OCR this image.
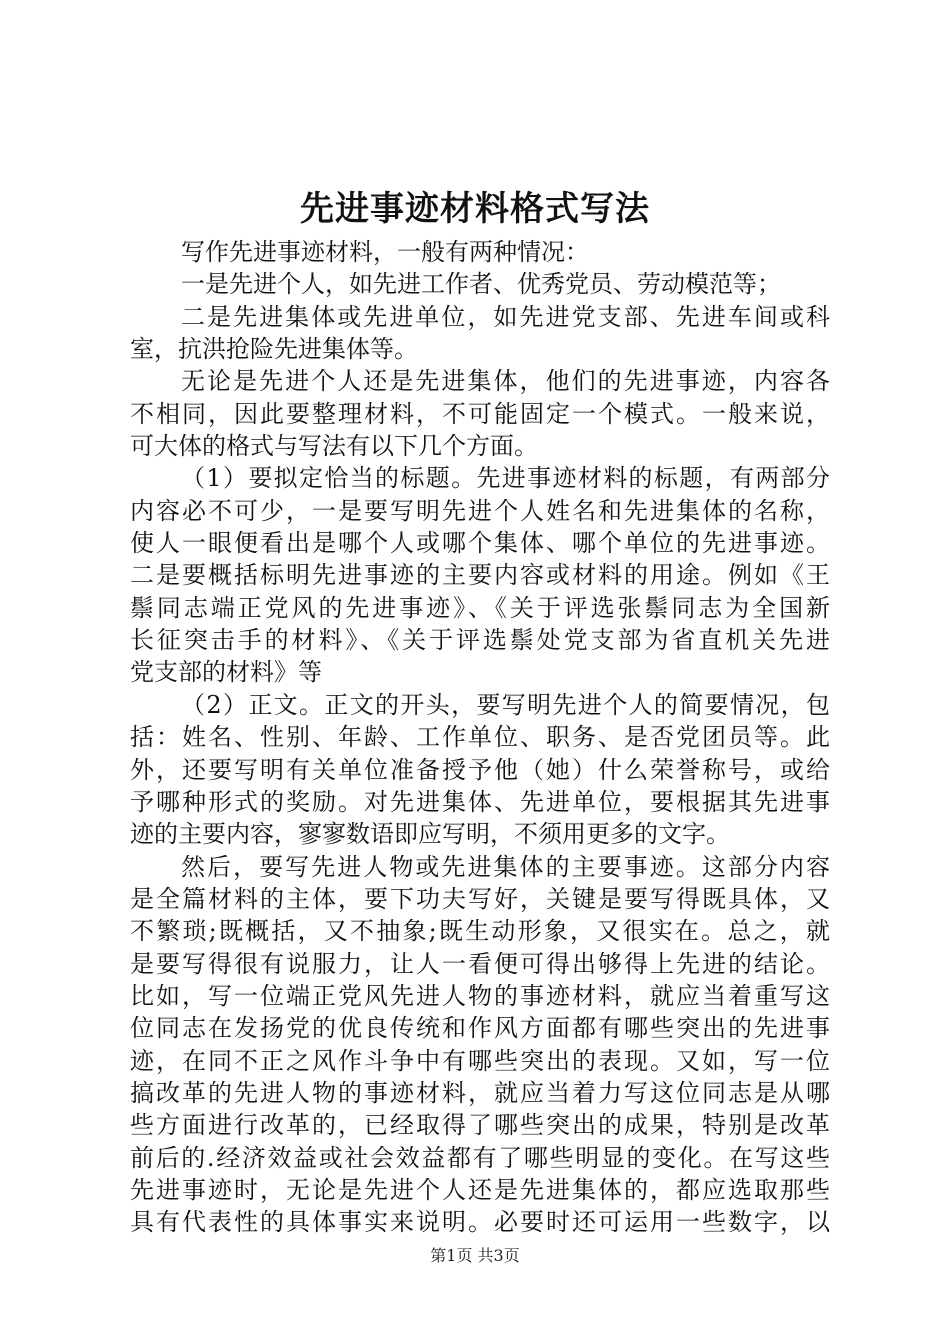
先进事迹材料格式写法
写作先进事迹材料，一般有两种情况：
一是先进个人，如先进工作者、优秀党员、劳动模范等；
二是先进集体或先进单位，如先进党支部、先进车间或科
室，抗洪抢险先进集体等。
无论是先进个人还是先进集体，他们的先进事迹，内容各
不相同，因此要整理材料，不可能固定一个模式。一般来说，
可大体的格式与写法有以下几个方面。
（1）要拟定恰当的标题。先进事迹材料的标题，有两部分
内容必不可少，一是要写明先进个人姓名和先进集体的名称，
使人一眼便看出是哪个人或哪个集体、哪个单位的先进事迹。
二是要概括标明先进事迹的主要内容或材料的用途。例如《王
鬃同志端正党风的先进事迹》、《关于评选张鬃同志为全国新
长征突击手的材料》、《关于评选鬃处党支部为省直机关先进
党支部的材料》等
（2）正文。正文的开头，要写明先进个人的简要情况，包
括：姓名、性别、年龄、工作单位、职务、是否党团员等。此
外，还要写明有关单位准备授予他（她）什么荣誉称号，或给
予哪种形式的奖励。对先进集体、先进单位，要根据其先进事
迹的主要内容，寥寥数语即应写明，不须用更多的文字。
然后，要写先进人物或先进集体的主要事迹。这部分内容
是全篇材料的主体，要下功夫写好，关键是要写得既具体，又
不繁琐;既概括，又不抽象;既生动形象，又很实在。总之，就
是要写得很有说服力，让人一看便可得出够得上先进的结论。
比如，写一位端正党风先进人物的事迹材料，就应当着重写这
位同志在发扬党的优良传统和作风方面都有哪些突出的先进事
迹，在同不正之风作斗争中有哪些突出的表现。又如，写一位
搞改革的先进人物的事迹材料，就应当着力写这位同志是从哪
些方面进行改革的，已经取得了哪些突出的成果，特别是改革
前后的.经济效益或社会效益都有了哪些明显的变化。在写这些
先进事迹时，无论是先进个人还是先进集体的，都应选取那些
具有代表性的具体事实来说明。必要时还可运用一些数字，以
第1页 共3页
